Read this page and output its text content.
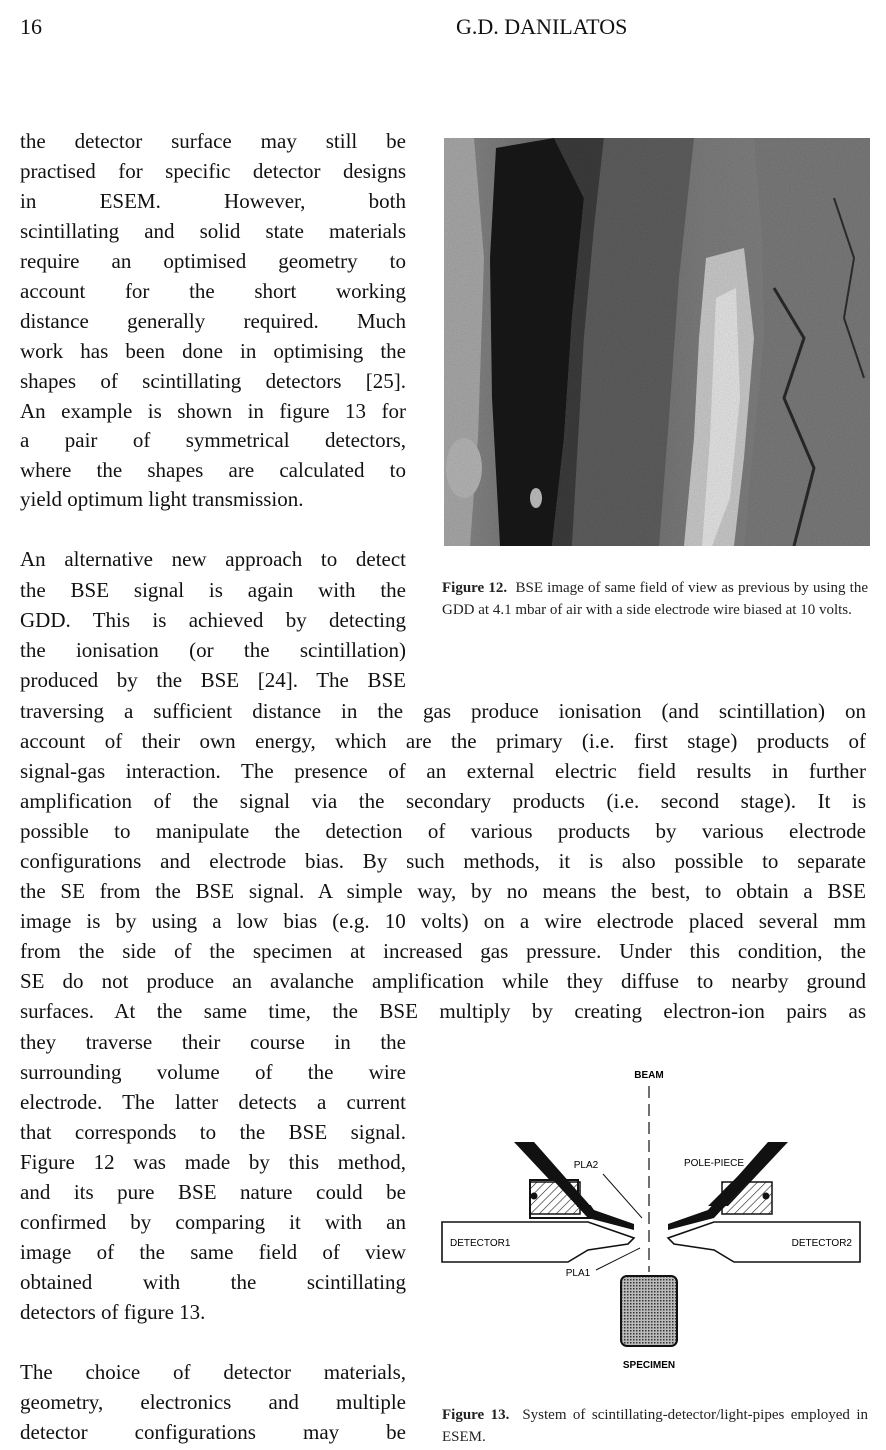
16	G.D. DANILATOS
the detector surface may still be
practised for specific detector designs
in ESEM. However, both
scintillating and solid state materials
require an optimised geometry to
account for the short working
distance generally required. Much
work has been done in optimising the
shapes of scintillating detectors [25].
An example is shown in figure 13 for
a pair of symmetrical detectors,
where the shapes are calculated to
yield optimum light transmission.
An alternative new approach to detect
the BSE signal is again with the
GDD. This is achieved by detecting
the ionisation (or the scintillation)
produced by the BSE [24]. The BSE
traversing a sufficient distance in the gas produce ionisation (and scintillation) on
account of their own energy, which are the primary (i.e. first stage) products of
signal-gas interaction. The presence of an external electric field results in further
amplification of the signal via the secondary products (i.e. second stage). It is
possible to manipulate the detection of various products by various electrode
configurations and electrode bias. By such methods, it is also possible to separate
the SE from the BSE signal. A simple way, by no means the best, to obtain a BSE
image is by using a low bias (e.g. 10 volts) on a wire electrode placed several mm
from the side of the specimen at increased gas pressure. Under this condition, the
SE do not produce an avalanche amplification while they diffuse to nearby ground
surfaces. At the same time, the BSE multiply by creating electron-ion pairs as
they traverse their course in the
surrounding volume of the wire
electrode. The latter detects a current
that corresponds to the BSE signal.
Figure 12 was made by this method,
and its pure BSE nature could be
confirmed by comparing it with an
image of the same field of view
obtained with the scintillating
detectors of figure 13.
The choice of detector materials,
geometry, electronics and multiple
detector configurations may be
Figure 12. BSE image of same field of view as previous by using the GDD at 4.1 mbar of air with a side electrode wire biased at 10 volts.
BEAM
PLA2	POLE-PIECE
DETECTOR1	DETECTOR2
PLA1
SPECIMEN
Figure 13. System of scintillating-detector/light-pipes employed in ESEM.
